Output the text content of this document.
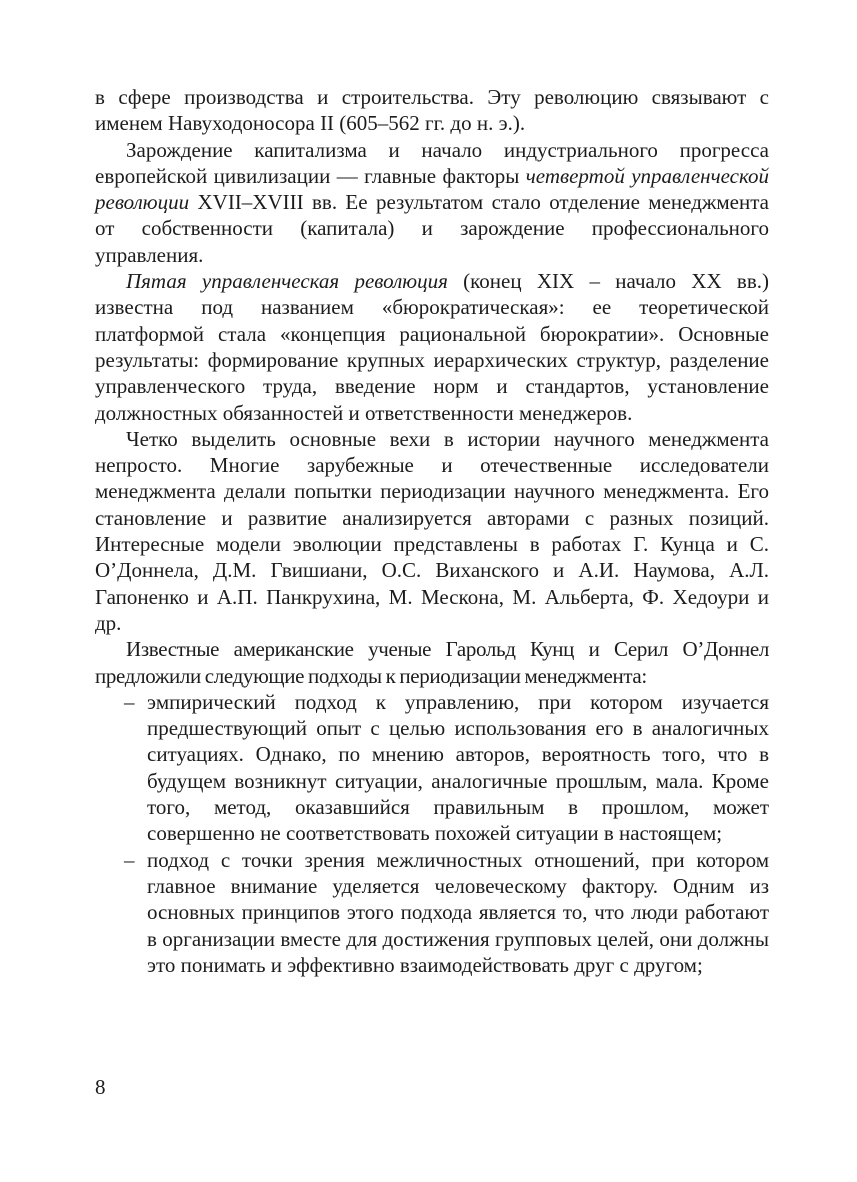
в сфере производства и строительства. Эту революцию связывают с именем Навуходоносора II (605–562 гг. до н. э.).

Зарождение капитализма и начало индустриального прогресса европейской цивилизации — главные факторы четвертой управленческой революции XVII–XVIII вв. Ее результатом стало отделение менеджмента от собственности (капитала) и зарождение профессионального управления.

Пятая управленческая революция (конец XIX – начало XX вв.) известна под названием «бюрократическая»: ее теоретической платформой стала «концепция рациональной бюрократии». Основные результаты: формирование крупных иерархических структур, разделение управленческого труда, введение норм и стандартов, установление должностных обязанностей и ответственности менеджеров.

Четко выделить основные вехи в истории научного менеджмента непросто. Многие зарубежные и отечественные исследователи менеджмента делали попытки периодизации научного менеджмента. Его становление и развитие анализируется авторами с разных позиций. Интересные модели эволюции представлены в работах Г. Кунца и С. О’Доннела, Д.М. Гвишиани, О.С. Виханского и А.И. Наумова, А.Л. Гапоненко и А.П. Панкрухина, М. Мескона, М. Альберта, Ф. Хедоури и др.

Известные американские ученые Гарольд Кунц и Серил О’Доннел предложили следующие подходы к периодизации менеджмента:

– эмпирический подход к управлению, при котором изучается предшествующий опыт с целью использования его в аналогичных ситуациях. Однако, по мнению авторов, вероятность того, что в будущем возникнут ситуации, аналогичные прошлым, мала. Кроме того, метод, оказавшийся правильным в прошлом, может совершенно не соответствовать похожей ситуации в настоящем;
– подход с точки зрения межличностных отношений, при котором главное внимание уделяется человеческому фактору. Одним из основных принципов этого подхода является то, что люди работают в организации вместе для достижения групповых целей, они должны это понимать и эффективно взаимодействовать друг с другом;
8
